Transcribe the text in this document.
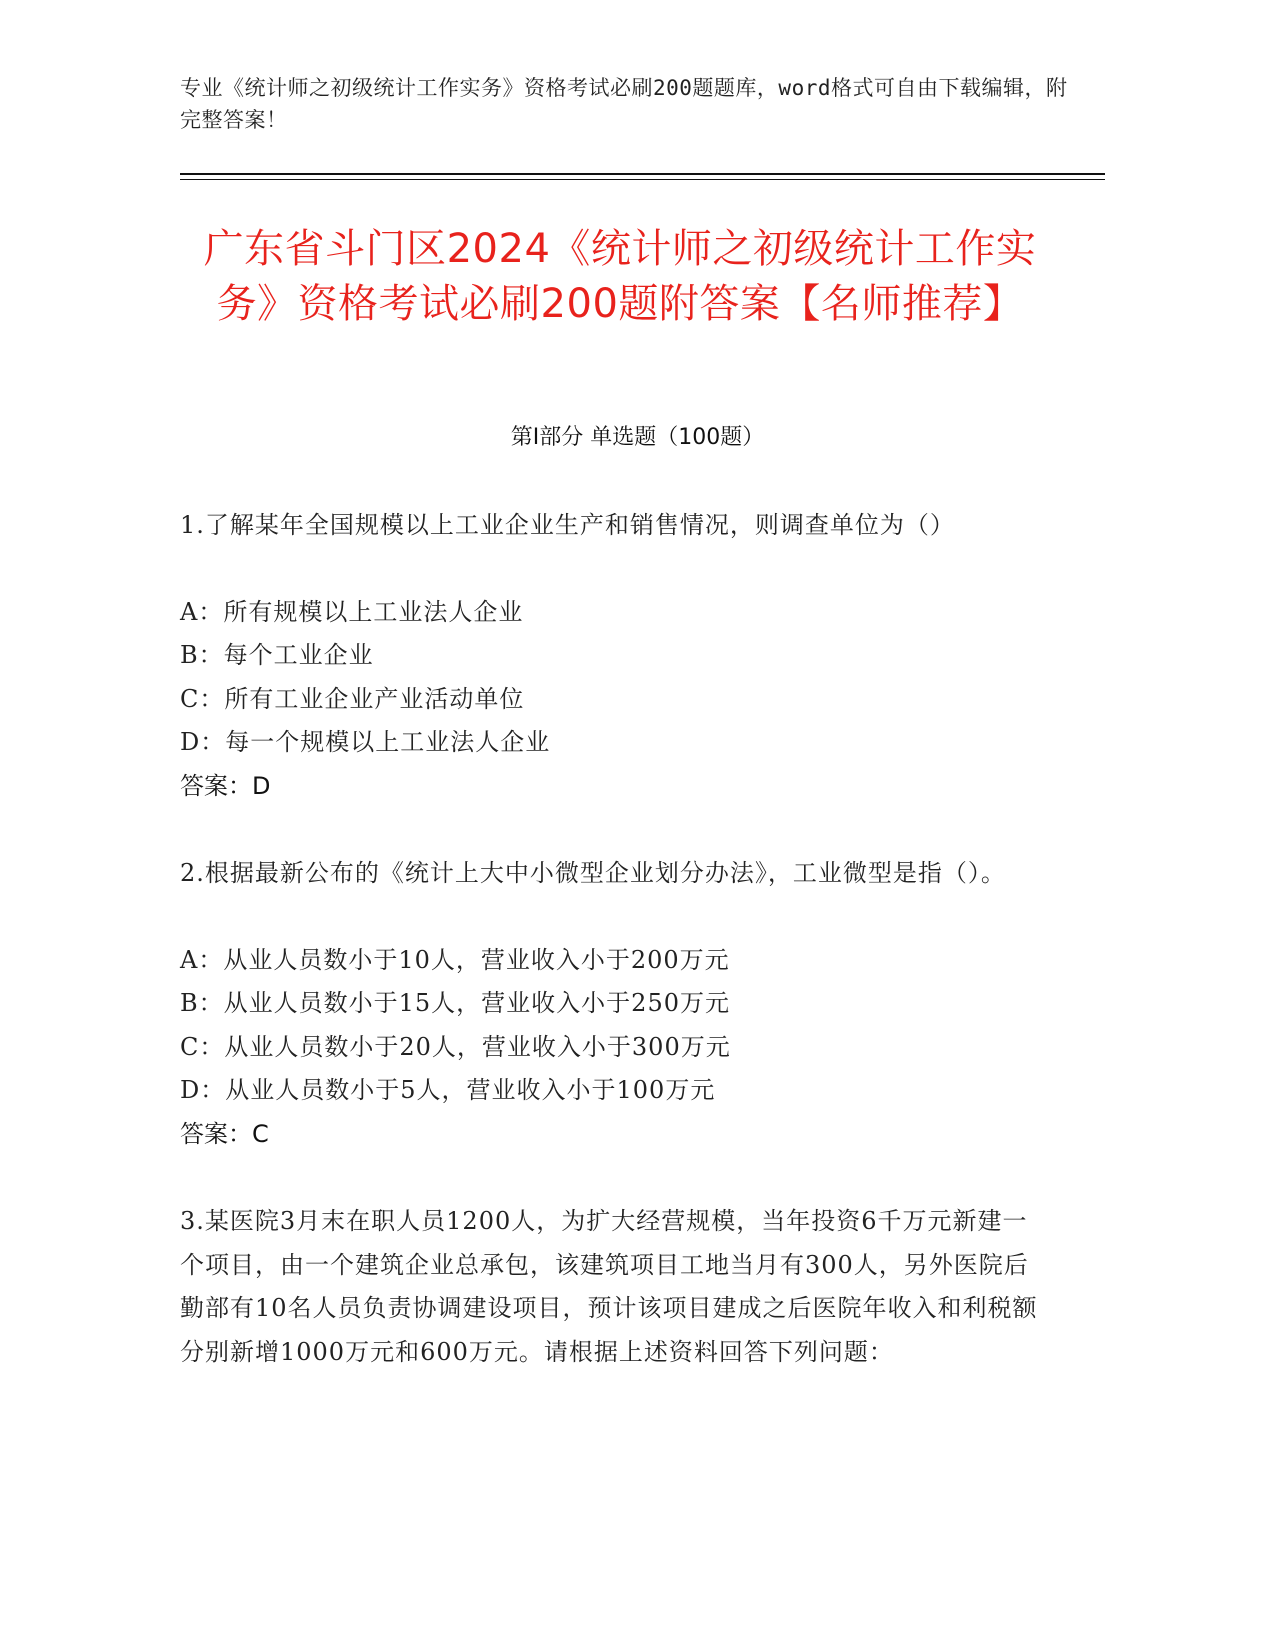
专业《统计师之初级统计工作实务》资格考试必刷200题题库，word格式可自由下载编辑，附完整答案！
广东省斗门区2024《统计师之初级统计工作实务》资格考试必刷200题附答案【名师推荐】
第I部分 单选题（100题）
1.了解某年全国规模以上工业企业生产和销售情况，则调查单位为（）
A：所有规模以上工业法人企业
B：每个工业企业
C：所有工业企业产业活动单位
D：每一个规模以上工业法人企业
答案：D
2.根据最新公布的《统计上大中小微型企业划分办法》，工业微型是指（）。
A：从业人员数小于10人，营业收入小于200万元
B：从业人员数小于15人，营业收入小于250万元
C：从业人员数小于20人，营业收入小于300万元
D：从业人员数小于5人，营业收入小于100万元
答案：C
3.某医院3月末在职人员1200人，为扩大经营规模，当年投资6千万元新建一个项目，由一个建筑企业总承包，该建筑项目工地当月有300人，另外医院后勤部有10名人员负责协调建设项目，预计该项目建成之后医院年收入和利税额分别新增1000万元和600万元。请根据上述资料回答下列问题：
